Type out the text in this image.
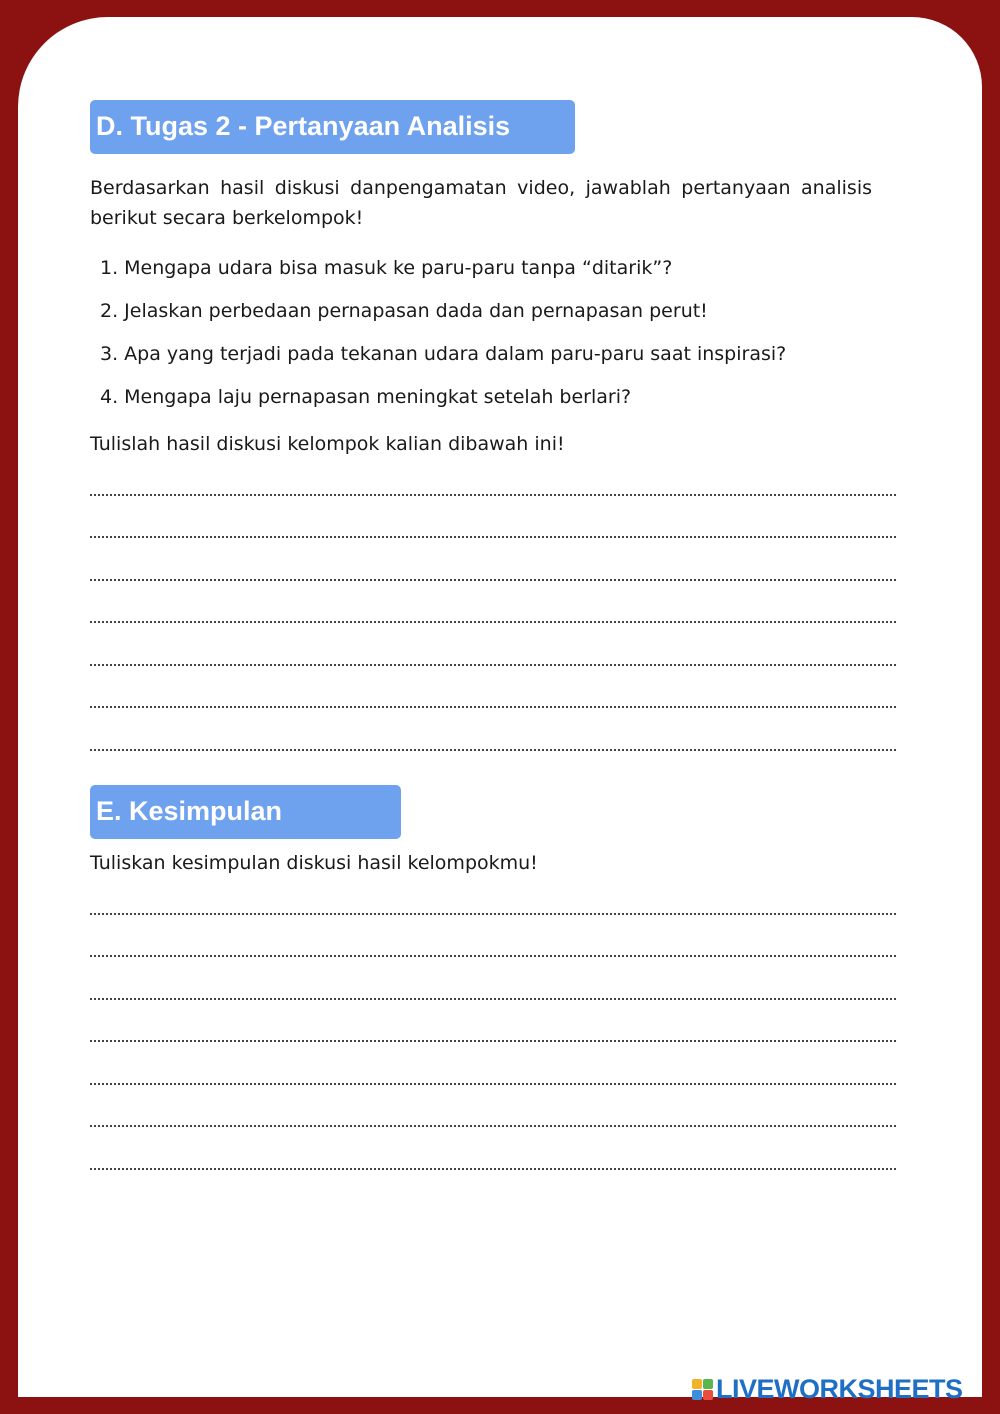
D. Tugas 2 - Pertanyaan Analisis

Berdasarkan hasil diskusi danpengamatan video, jawablah pertanyaan analisis berikut secara berkelompok!

1. Mengapa udara bisa masuk ke paru-paru tanpa “ditarik”?
2. Jelaskan perbedaan pernapasan dada dan pernapasan perut!
3. Apa yang terjadi pada tekanan udara dalam paru-paru saat inspirasi?
4. Mengapa laju pernapasan meningkat setelah berlari?

Tulislah hasil diskusi kelompok kalian dibawah ini!

E. Kesimpulan

Tuliskan kesimpulan diskusi hasil kelompokmu!

LIVEWORKSHEETS
